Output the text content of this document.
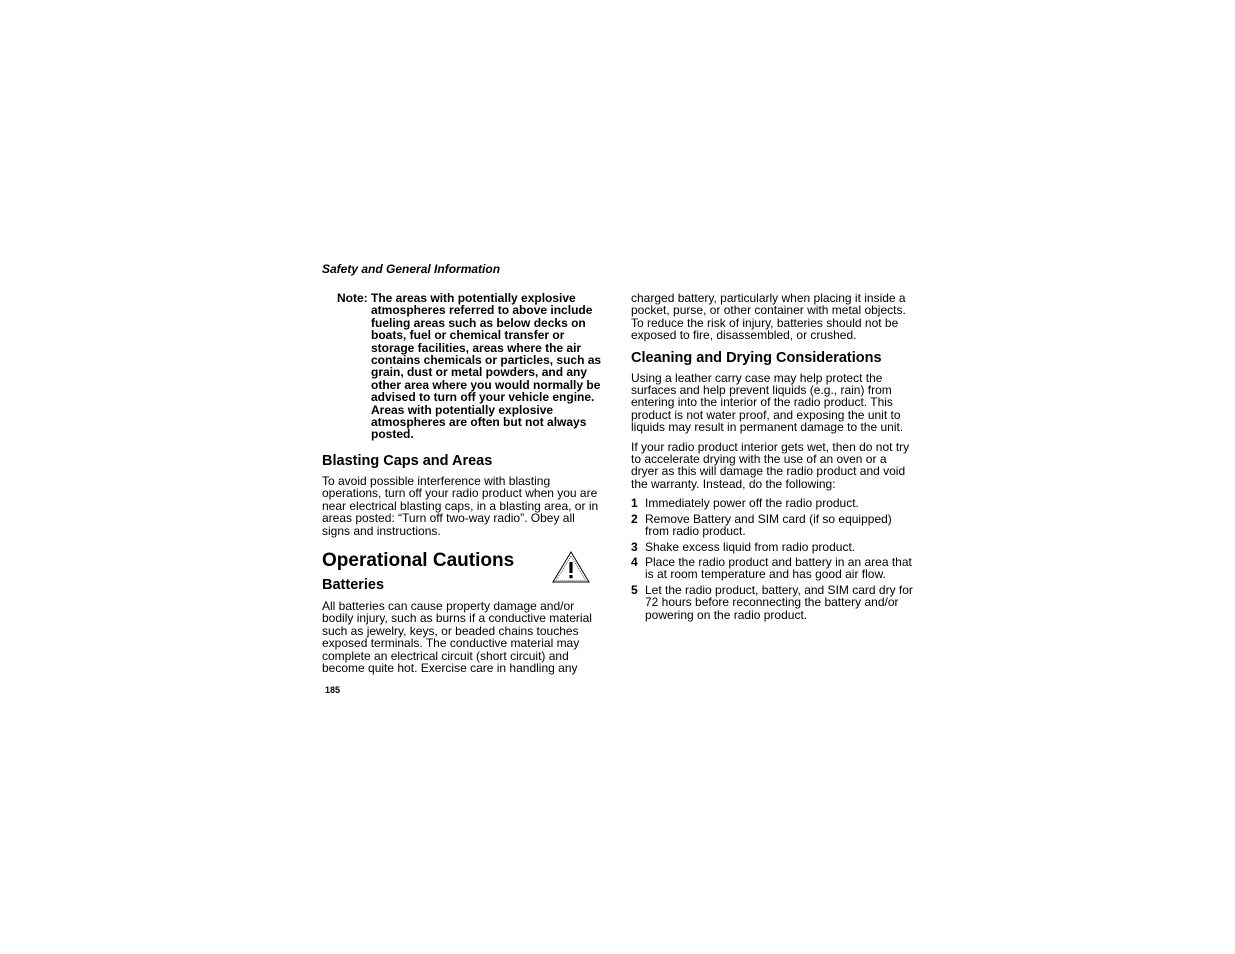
Safety and General Information
Note: The areas with potentially explosive atmospheres referred to above include fueling areas such as below decks on boats, fuel or chemical transfer or storage facilities, areas where the air contains chemicals or particles, such as grain, dust or metal powders, and any other area where you would normally be advised to turn off your vehicle engine. Areas with potentially explosive atmospheres are often but not always posted.
Blasting Caps and Areas

To avoid possible interference with blasting operations, turn off your radio product when you are near electrical blasting caps, in a blasting area, or in areas posted: “Turn off two-way radio”. Obey all signs and instructions.

Operational Cautions
Batteries

All batteries can cause property damage and/or bodily injury, such as burns if a conductive material such as jewelry, keys, or beaded chains touches exposed terminals. The conductive material may complete an electrical circuit (short circuit) and become quite hot. Exercise care in handling any

185

charged battery, particularly when placing it inside a pocket, purse, or other container with metal objects. To reduce the risk of injury, batteries should not be exposed to fire, disassembled, or crushed.

Cleaning and Drying Considerations

Using a leather carry case may help protect the surfaces and help prevent liquids (e.g., rain) from entering into the interior of the radio product. This product is not water proof, and exposing the unit to liquids may result in permanent damage to the unit.

If your radio product interior gets wet, then do not try to accelerate drying with the use of an oven or a dryer as this will damage the radio product and void the warranty. Instead, do the following:

1 Immediately power off the radio product.
2 Remove Battery and SIM card (if so equipped) from radio product.
3 Shake excess liquid from radio product.
4 Place the radio product and battery in an area that is at room temperature and has good air flow.
5 Let the radio product, battery, and SIM card dry for 72 hours before reconnecting the battery and/or powering on the radio product.
